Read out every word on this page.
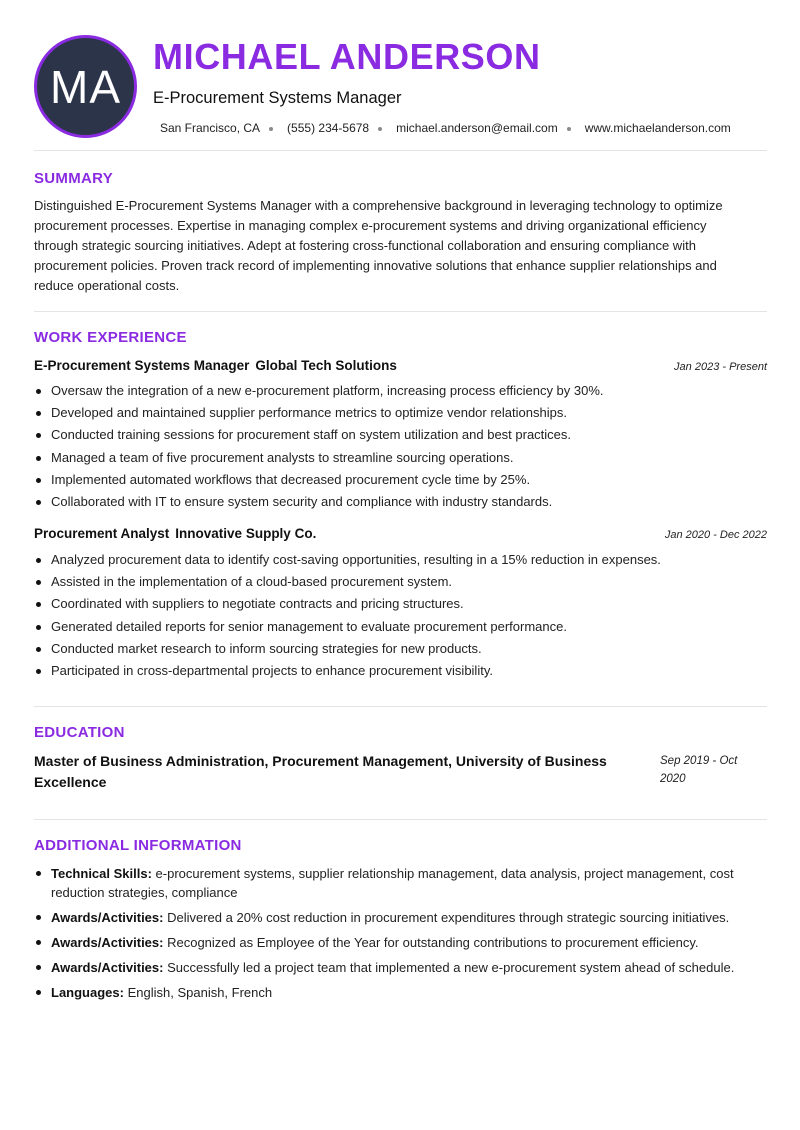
MA
MICHAEL ANDERSON
E-Procurement Systems Manager
San Francisco, CA (555) 234-5678 michael.anderson@email.com www.michaelanderson.com
SUMMARY
Distinguished E-Procurement Systems Manager with a comprehensive background in leveraging technology to optimize procurement processes. Expertise in managing complex e-procurement systems and driving organizational efficiency through strategic sourcing initiatives. Adept at fostering cross-functional collaboration and ensuring compliance with procurement policies. Proven track record of implementing innovative solutions that enhance supplier relationships and reduce operational costs.
WORK EXPERIENCE
E-Procurement Systems Manager Global Tech Solutions	Jan 2023 - Present
Oversaw the integration of a new e-procurement platform, increasing process efficiency by 30%.
Developed and maintained supplier performance metrics to optimize vendor relationships.
Conducted training sessions for procurement staff on system utilization and best practices.
Managed a team of five procurement analysts to streamline sourcing operations.
Implemented automated workflows that decreased procurement cycle time by 25%.
Collaborated with IT to ensure system security and compliance with industry standards.
Procurement Analyst Innovative Supply Co.	Jan 2020 - Dec 2022
Analyzed procurement data to identify cost-saving opportunities, resulting in a 15% reduction in expenses.
Assisted in the implementation of a cloud-based procurement system.
Coordinated with suppliers to negotiate contracts and pricing structures.
Generated detailed reports for senior management to evaluate procurement performance.
Conducted market research to inform sourcing strategies for new products.
Participated in cross-departmental projects to enhance procurement visibility.
EDUCATION
Master of Business Administration, Procurement Management, University of Business Excellence
Sep 2019 - Oct 2020
ADDITIONAL INFORMATION
Technical Skills: e-procurement systems, supplier relationship management, data analysis, project management, cost reduction strategies, compliance
Awards/Activities: Delivered a 20% cost reduction in procurement expenditures through strategic sourcing initiatives.
Awards/Activities: Recognized as Employee of the Year for outstanding contributions to procurement efficiency.
Awards/Activities: Successfully led a project team that implemented a new e-procurement system ahead of schedule.
Languages: English, Spanish, French
